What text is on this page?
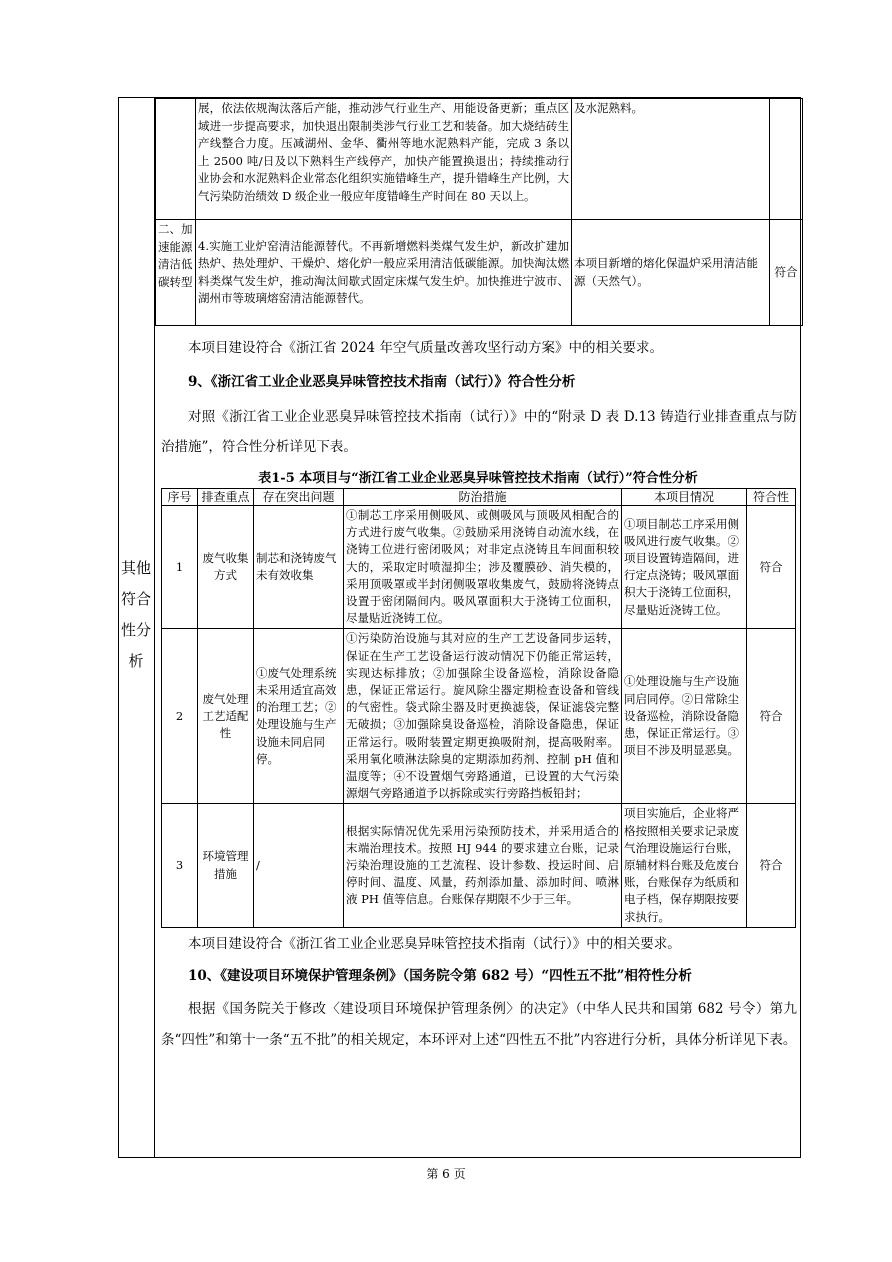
其他符合性分析
	展，依法依规淘汰落后产能，推动涉气行业生产、用能设备更新；重点区域进一步提高要求，加快退出限制类涉气行业工艺和装备。加大烧结砖生产线整合力度。压减湖州、金华、衢州等地水泥熟料产能，完成 3 条以上 2500 吨/日及以下熟料生产线停产，加快产能置换退出；持续推动行业协会和水泥熟料企业常态化组织实施错峰生产，提升错峰生产比例，大气污染防治绩效 D 级企业一般应年度错峰生产时间在 80 天以上。	及水泥熟料。	
二、加速能源清洁低碳转型	4.实施工业炉窑清洁能源替代。不再新增燃料类煤气发生炉，新改扩建加热炉、热处理炉、干燥炉、熔化炉一般应采用清洁低碳能源。加快淘汰燃料类煤气发生炉，推动淘汰间歇式固定床煤气发生炉。加快推进宁波市、湖州市等玻璃熔窑清洁能源替代。	本项目新增的熔化保温炉采用清洁能源（天然气）。	符合
本项目建设符合《浙江省 2024 年空气质量改善攻坚行动方案》中的相关要求。
9、《浙江省工业企业恶臭异味管控技术指南（试行）》符合性分析
对照《浙江省工业企业恶臭异味管控技术指南（试行）》中的“附录 D 表 D.13 铸造行业排查重点与防治措施”，符合性分析详见下表。
表1-5 本项目与“浙江省工业企业恶臭异味管控技术指南（试行）”符合性分析
序号	排查重点	存在突出问题	防治措施	本项目情况	符合性
1	废气收集方式	制芯和浇铸废气未有效收集	①制芯工序采用侧吸风、或侧吸风与顶吸风相配合的方式进行废气收集。②鼓励采用浇铸自动流水线，在浇铸工位进行密闭吸风；对非定点浇铸且车间面积较大的，采取定时喷湿抑尘；涉及覆膜砂、消失模的，采用顶吸罩或半封闭侧吸罩收集废气，鼓励将浇铸点设置于密闭隔间内。吸风罩面积大于浇铸工位面积，尽量贴近浇铸工位。	①项目制芯工序采用侧吸风进行废气收集。②项目设置铸造隔间，进行定点浇铸；吸风罩面积大于浇铸工位面积，尽量贴近浇铸工位。	符合
2	废气处理工艺适配性	①废气处理系统未采用适宜高效的治理工艺；②处理设施与生产设施未同启同停。	①污染防治设施与其对应的生产工艺设备同步运转，保证在生产工艺设备运行波动情况下仍能正常运转，实现达标排放；②加强除尘设备巡检，消除设备隐患，保证正常运行。旋风除尘器定期检查设备和管线的气密性。袋式除尘器及时更换滤袋，保证滤袋完整无破损；③加强除臭设备巡检，消除设备隐患，保证正常运行。吸附装置定期更换吸附剂，提高吸附率。采用氧化喷淋法除臭的定期添加药剂、控制 pH 值和温度等；④不设置烟气旁路通道，已设置的大气污染源烟气旁路通道予以拆除或实行旁路挡板铅封；	①处理设施与生产设施同启同停。②日常除尘设备巡检，消除设备隐患，保证正常运行。③项目不涉及明显恶臭。	符合
3	环境管理措施	/	根据实际情况优先采用污染预防技术，并采用适合的末端治理技术。按照 HJ 944 的要求建立台账，记录污染治理设施的工艺流程、设计参数、投运时间、启停时间、温度、风量，药剂添加量、添加时间、喷淋液 PH 值等信息。台账保存期限不少于三年。	项目实施后，企业将严格按照相关要求记录废气治理设施运行台账，原辅材料台账及危废台账，台账保存为纸质和电子档，保存期限按要求执行。	符合
本项目建设符合《浙江省工业企业恶臭异味管控技术指南（试行）》中的相关要求。
10、《建设项目环境保护管理条例》（国务院令第 682 号）“四性五不批”相符性分析
根据《国务院关于修改〈建设项目环境保护管理条例〉的决定》（中华人民共和国第 682 号令）第九条“四性”和第十一条“五不批”的相关规定，本环评对上述“四性五不批”内容进行分析，具体分析详见下表。
第 6 页
